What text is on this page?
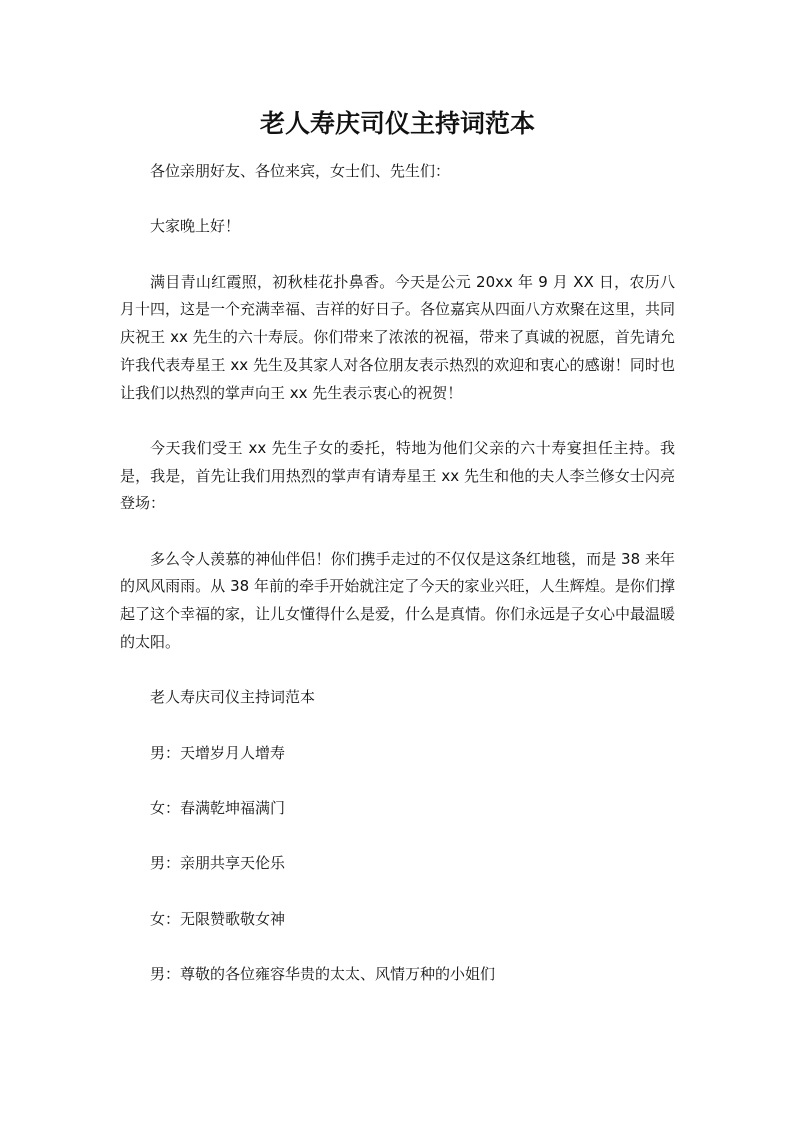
老人寿庆司仪主持词范本

各位亲朋好友、各位来宾，女士们、先生们：

大家晚上好！

满目青山红霞照，初秋桂花扑鼻香。今天是公元 20xx 年 9 月 XX 日，农历八月十四，这是一个充满幸福、吉祥的好日子。各位嘉宾从四面八方欢聚在这里，共同庆祝王 xx 先生的六十寿辰。你们带来了浓浓的祝福，带来了真诚的祝愿，首先请允许我代表寿星王 xx 先生及其家人对各位朋友表示热烈的欢迎和衷心的感谢！同时也让我们以热烈的掌声向王 xx 先生表示衷心的祝贺！

今天我们受王 xx 先生子女的委托，特地为他们父亲的六十寿宴担任主持。我是，我是，首先让我们用热烈的掌声有请寿星王 xx 先生和他的夫人李兰修女士闪亮登场：

多么令人羡慕的神仙伴侣！你们携手走过的不仅仅是这条红地毯，而是 38 来年的风风雨雨。从 38 年前的牵手开始就注定了今天的家业兴旺，人生辉煌。是你们撑起了这个幸福的家，让儿女懂得什么是爱，什么是真情。你们永远是子女心中最温暖的太阳。

老人寿庆司仪主持词范本

男：天增岁月人增寿

女：春满乾坤福满门

男：亲朋共享天伦乐

女：无限赞歌敬女神

男：尊敬的各位雍容华贵的太太、风情万种的小姐们
